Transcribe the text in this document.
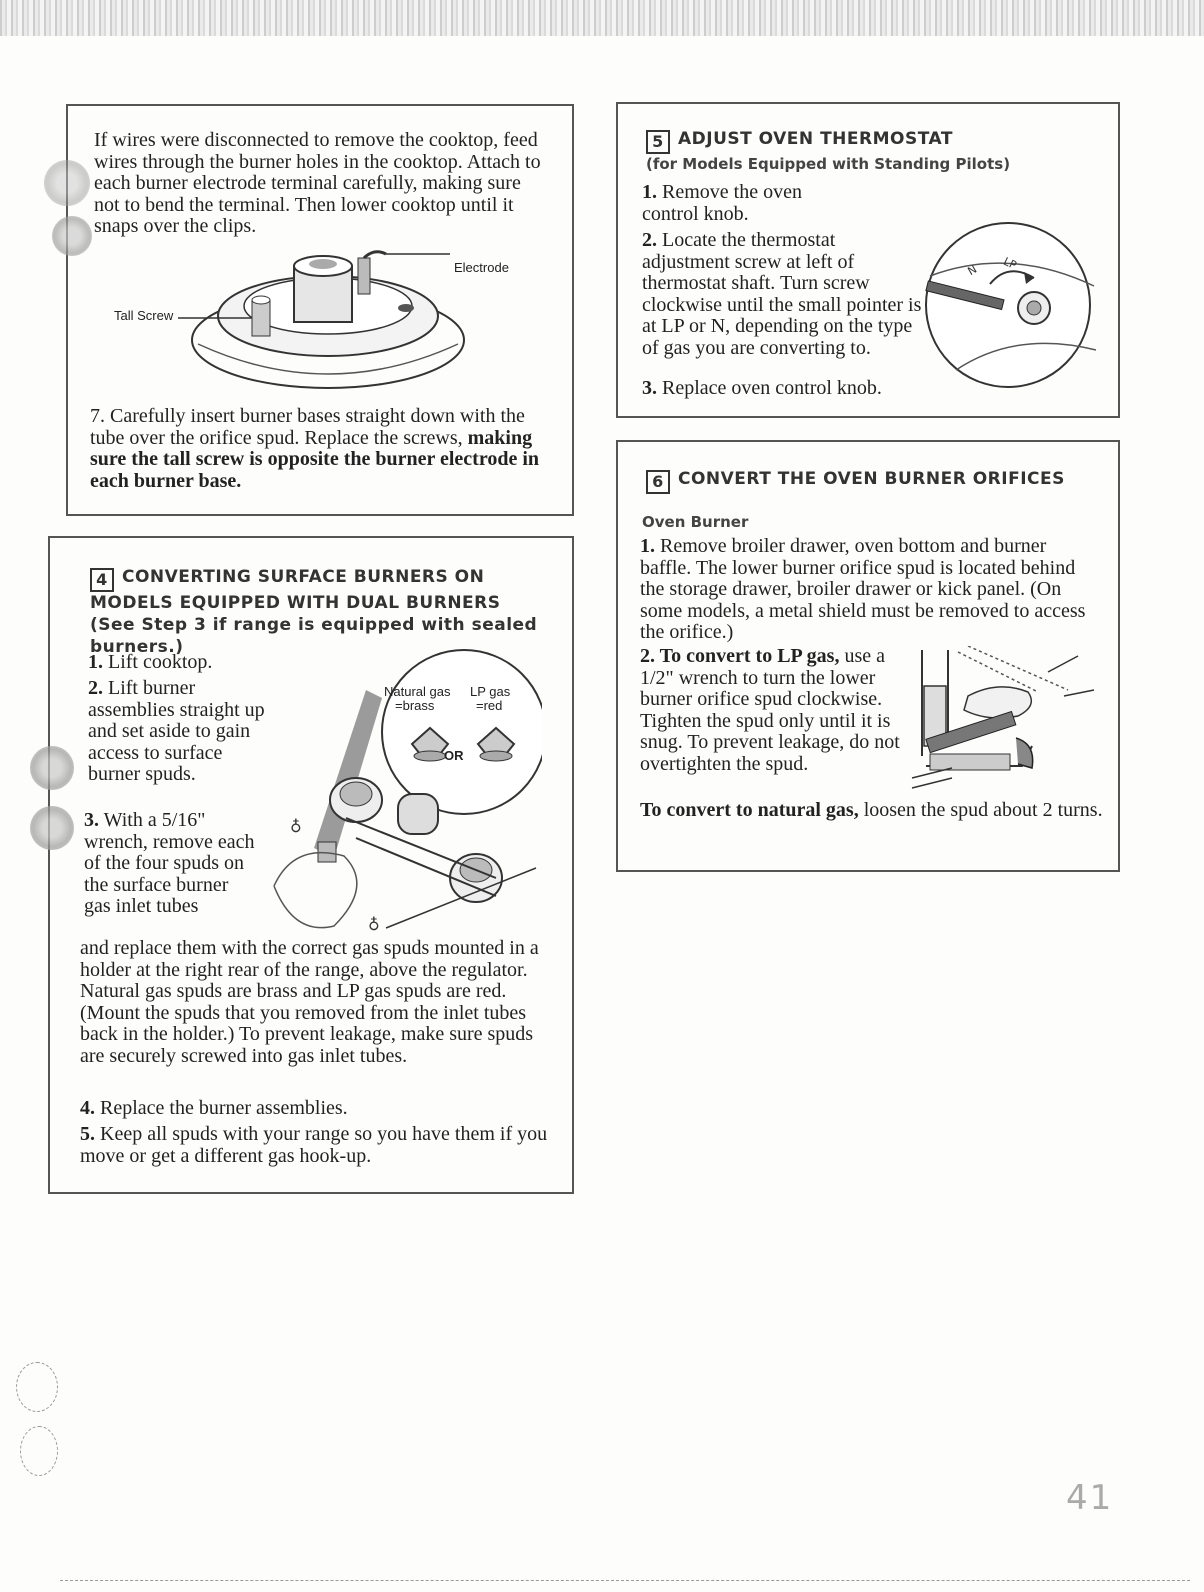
If wires were disconnected to remove the cooktop, feed wires through the burner holes in the cooktop. Attach to each burner electrode terminal carefully, making sure not to bend the terminal. Then lower cooktop until it snaps over the clips.

Electrode

Tall Screw

7. Carefully insert burner bases straight down with the tube over the orifice spud. Replace the screws, making sure the tall screw is opposite the burner electrode in each burner base.

4 CONVERTING SURFACE BURNERS ON MODELS EQUIPPED WITH DUAL BURNERS (See Step 3 if range is equipped with sealed burners.)

1. Lift cooktop.

2. Lift burner assemblies straight up and set aside to gain access to surface burner spuds.

3. With a 5/16" wrench, remove each of the four spuds on the surface burner gas inlet tubes

and replace them with the correct gas spuds mounted in a holder at the right rear of the range, above the regulator. Natural gas spuds are brass and LP gas spuds are red. (Mount the spuds that you removed from the inlet tubes back in the holder.) To prevent leakage, make sure spuds are securely screwed into gas inlet tubes.

4. Replace the burner assemblies.

5. Keep all spuds with your range so you have them if you move or get a different gas hook-up.

♁
♁

Natural gas

=brass

LP gas

=red

OR

5 ADJUST OVEN THERMOSTAT

(for Models Equipped with Standing Pilots)

1. Remove the oven control knob.

2. Locate the thermostat adjustment screw at left of thermostat shaft. Turn screw clockwise until the small pointer is at LP or N, depending on the type of gas you are converting to.

3. Replace oven control knob.

N LP
6 CONVERT THE OVEN BURNER ORIFICES

Oven Burner

1. Remove broiler drawer, oven bottom and burner baffle. The lower burner orifice spud is located behind the storage drawer, broiler drawer or kick panel. (On some models, a metal shield must be removed to access the orifice.)

2. To convert to LP gas, use a 1/2" wrench to turn the lower burner orifice spud clockwise. Tighten the spud only until it is snug. To prevent leakage, do not overtighten the spud.

To convert to natural gas, loosen the spud about 2 turns.

41
